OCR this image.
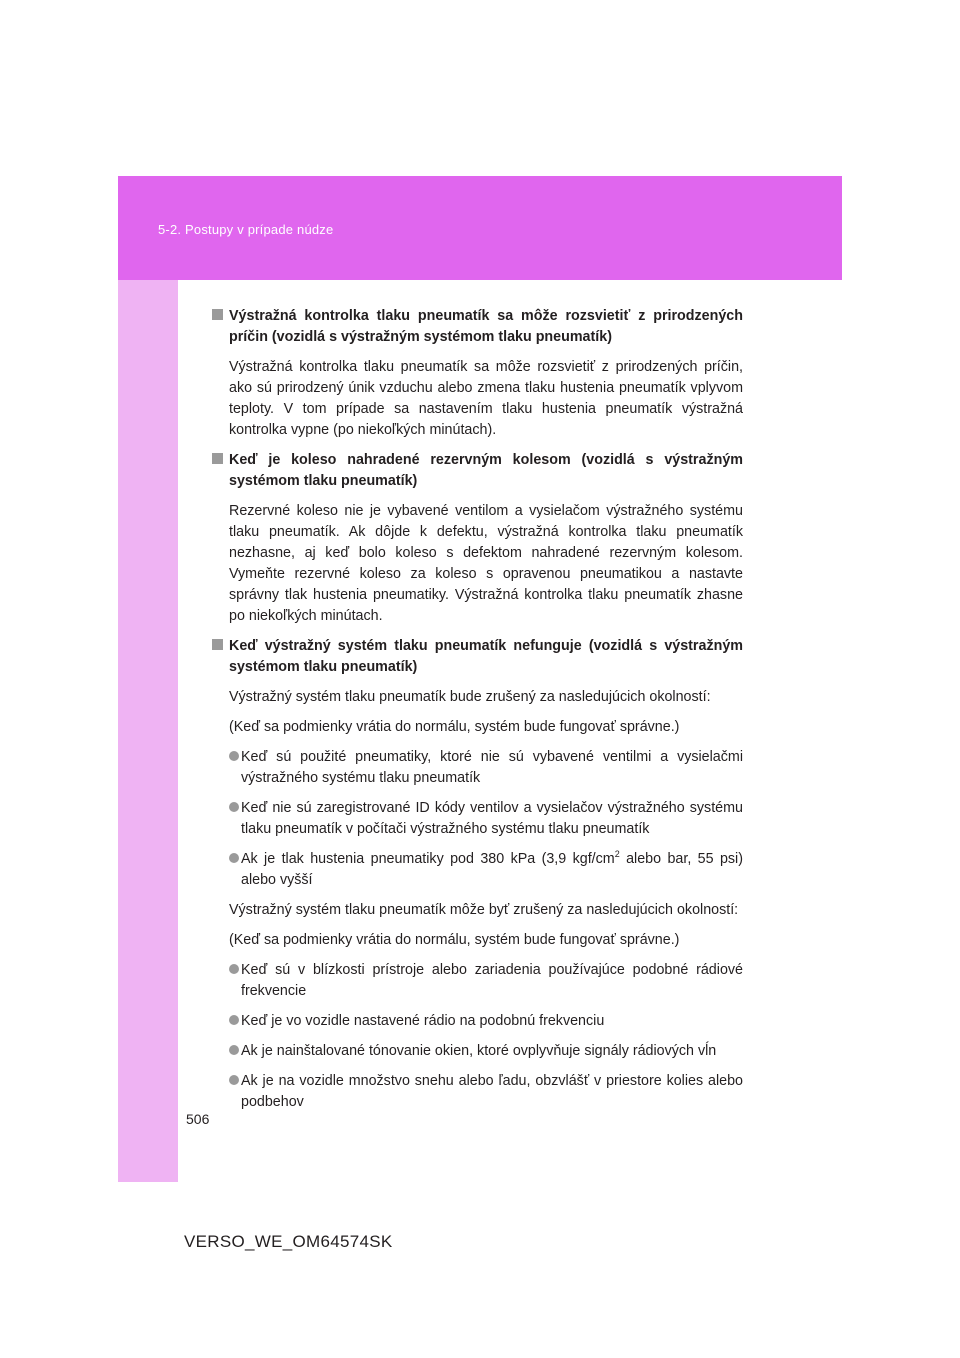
5-2. Postupy v prípade núdze

Výstražná kontrolka tlaku pneumatík sa môže rozsvietiť z prirodzených príčin (vozidlá s výstražným systémom tlaku pneumatík)

Výstražná kontrolka tlaku pneumatík sa môže rozsvietiť z prirodzených príčin, ako sú prirodzený únik vzduchu alebo zmena tlaku hustenia pneumatík vplyvom teploty. V tom prípade sa nastavením tlaku hustenia pneumatík výstražná kontrolka vypne (po niekoľkých minútach).

Keď je koleso nahradené rezervným kolesom (vozidlá s výstražným systémom tlaku pneumatík)

Rezervné koleso nie je vybavené ventilom a vysielačom výstražného systému tlaku pneumatík. Ak dôjde k defektu, výstražná kontrolka tlaku pneumatík nezhasne, aj keď bolo koleso s defektom nahradené rezervným kolesom. Vymeňte rezervné koleso za koleso s opravenou pneumatikou a nastavte správny tlak hustenia pneumatiky. Výstražná kontrolka tlaku pneumatík zhasne po niekoľkých minútach.

Keď výstražný systém tlaku pneumatík nefunguje (vozidlá s výstražným systémom tlaku pneumatík)

Výstražný systém tlaku pneumatík bude zrušený za nasledujúcich okolností:

(Keď sa podmienky vrátia do normálu, systém bude fungovať správne.)

Keď sú použité pneumatiky, ktoré nie sú vybavené ventilmi a vysielačmi výstražného systému tlaku pneumatík

Keď nie sú zaregistrované ID kódy ventilov a vysielačov výstražného systému tlaku pneumatík v počítači výstražného systému tlaku pneumatík

Ak je tlak hustenia pneumatiky pod 380 kPa (3,9 kgf/$cm^2$ alebo bar, 55 psi) alebo vyšší

Výstražný systém tlaku pneumatík môže byť zrušený za nasledujúcich okolností:

(Keď sa podmienky vrátia do normálu, systém bude fungovať správne.)

Keď sú v blízkosti prístroje alebo zariadenia používajúce podobné rádiové frekvencie

Keď je vo vozidle nastavené rádio na podobnú frekvenciu

Ak je nainštalované tónovanie okien, ktoré ovplyvňuje signály rádiových vĺn

Ak je na vozidle množstvo snehu alebo ľadu, obzvlášť v priestore kolies alebo podbehov

506
VERSO_WE_OM64574SK
